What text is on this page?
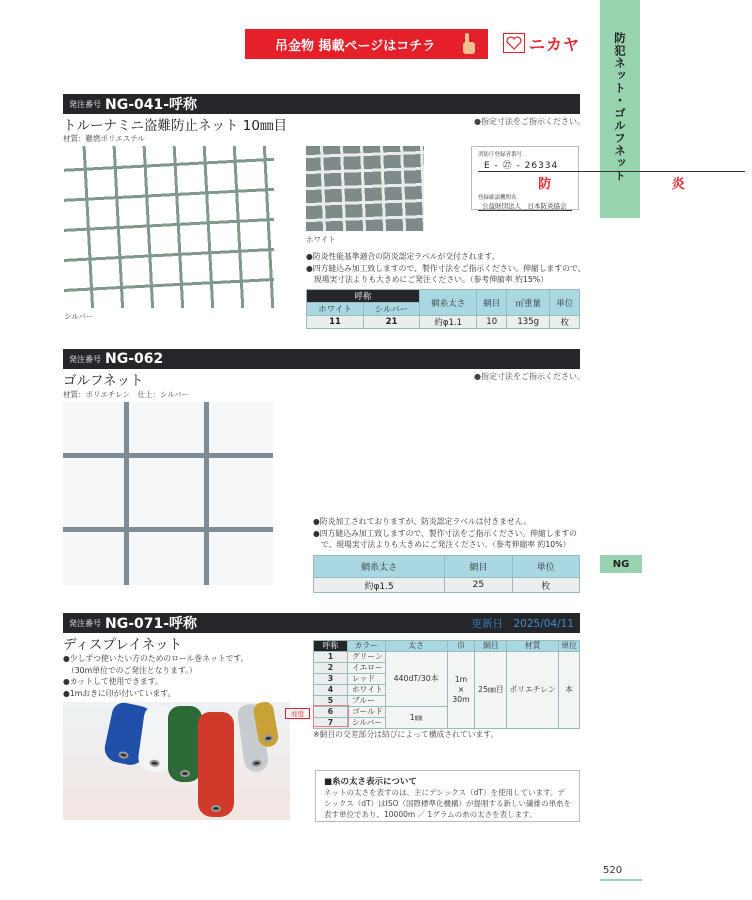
吊金物 掲載ページはコチラ	ニカヤ	防犯ネット・ゴルフネット
NG
発注番号 NG-041-呼称
トルーナミニ盗難防止ネット 10㎜目	●指定寸法をご指示ください。
材質：難燃ポリエステル
シルバー
ホワイト
消防庁登録者番号
E - ㉗ - 26334
防	炎
登録確認機関名
公益財団法人　日本防炎協会
●防炎性能基準適合の防炎認定ラベルが交付されます。
●四方縫込み加工致しますので、製作寸法をご指示ください。伸縮しますので、
　現場実寸法よりも大きめにご発注ください。（参考伸縮率 約15%）
呼称		網糸太さ	網目	㎡重量	単位
ホワイト	シルバー				
11	21	約φ1.1	10	135g	枚
発注番号 NG-062
ゴルフネット	●指定寸法をご指示ください。
材質：ポリエチレン　仕上：シルバー
●防炎加工されておりますが、防炎認定ラベルは付きません。
●四方縫込み加工致しますので、製作寸法をご指示ください。伸縮しますの
　で、現場実寸法よりも大きめにご発注ください。（参考伸縮率 約10%）
網糸太さ	網目	単位
約φ1.5	25	枚
発注番号 NG-071-呼称	更新日　2025/04/11
ディスプレイネット
●少しずつ使いたい方のためのロール巻ネットです。
　（30m単位でのご発注となります。）
●カットして使用できます。
●1mおきに印が付いています。
廃盤
呼称	カラー	太さ	巾	網目	材質	単位
1	グリーン	440dT/30本	1m
×
30m	25㎜目	ポリエチレン	本
2	イエロー					
3	レッド					
4	ホワイト					
5	ブルー					
6	ゴールド	1㎜				
7	シルバー					
※網目の交差部分は結びによって構成されています。
■糸の太さ表示について
ネットの太さを表すのは、主にデシックス（dT）を使用しています。デシックス（dT）はISO（国際標準化機構）が提唱する新しい繊維の単糸を表す単位であり、10000m ／ 1グラムの糸の太さを表します。
520
